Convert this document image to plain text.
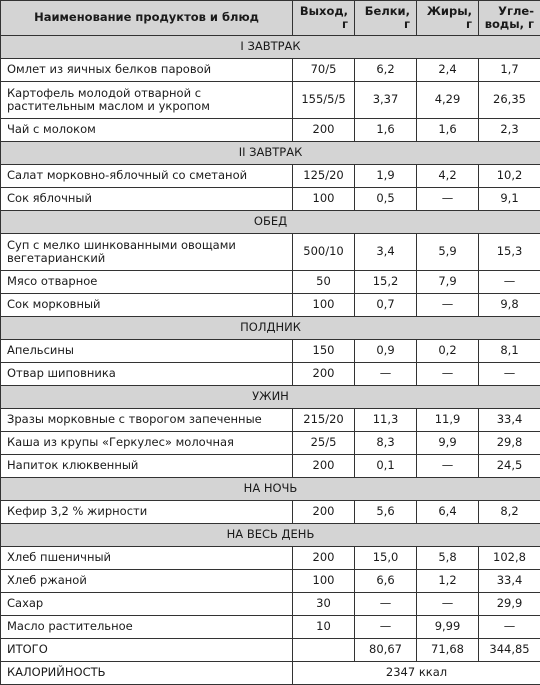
Наименование продуктов и блюд	Выход, г	Белки, г	Жиры, г	Угле-воды, г
I ЗАВТРАК				
Омлет из яичных белков паровой	70/5	6,2	2,4	1,7
Картофель молодой отварной с растительным маслом и укропом	155/5/5	3,37	4,29	26,35
Чай с молоком	200	1,6	1,6	2,3
II ЗАВТРАК				
Салат морковно-яблочный со сметаной	125/20	1,9	4,2	10,2
Сок яблочный	100	0,5	—	9,1
ОБЕД				
Суп с мелко шинкованными овощами вегетарианский	500/10	3,4	5,9	15,3
Мясо отварное	50	15,2	7,9	—
Сок морковный	100	0,7	—	9,8
ПОЛДНИК				
Апельсины	150	0,9	0,2	8,1
Отвар шиповника	200	—	—	—
УЖИН				
Зразы морковные с творогом запеченные	215/20	11,3	11,9	33,4
Каша из крупы «Геркулес» молочная	25/5	8,3	9,9	29,8
Напиток клюквенный	200	0,1	—	24,5
НА НОЧЬ				
Кефир 3,2 % жирности	200	5,6	6,4	8,2
НА ВЕСЬ ДЕНЬ				
Хлеб пшеничный	200	15,0	5,8	102,8
Хлеб ржаной	100	6,6	1,2	33,4
Сахар	30	—	—	29,9
Масло растительное	10	—	9,99	—
ИТОГО		80,67	71,68	344,85
КАЛОРИЙНОСТЬ	2347 ккал			
